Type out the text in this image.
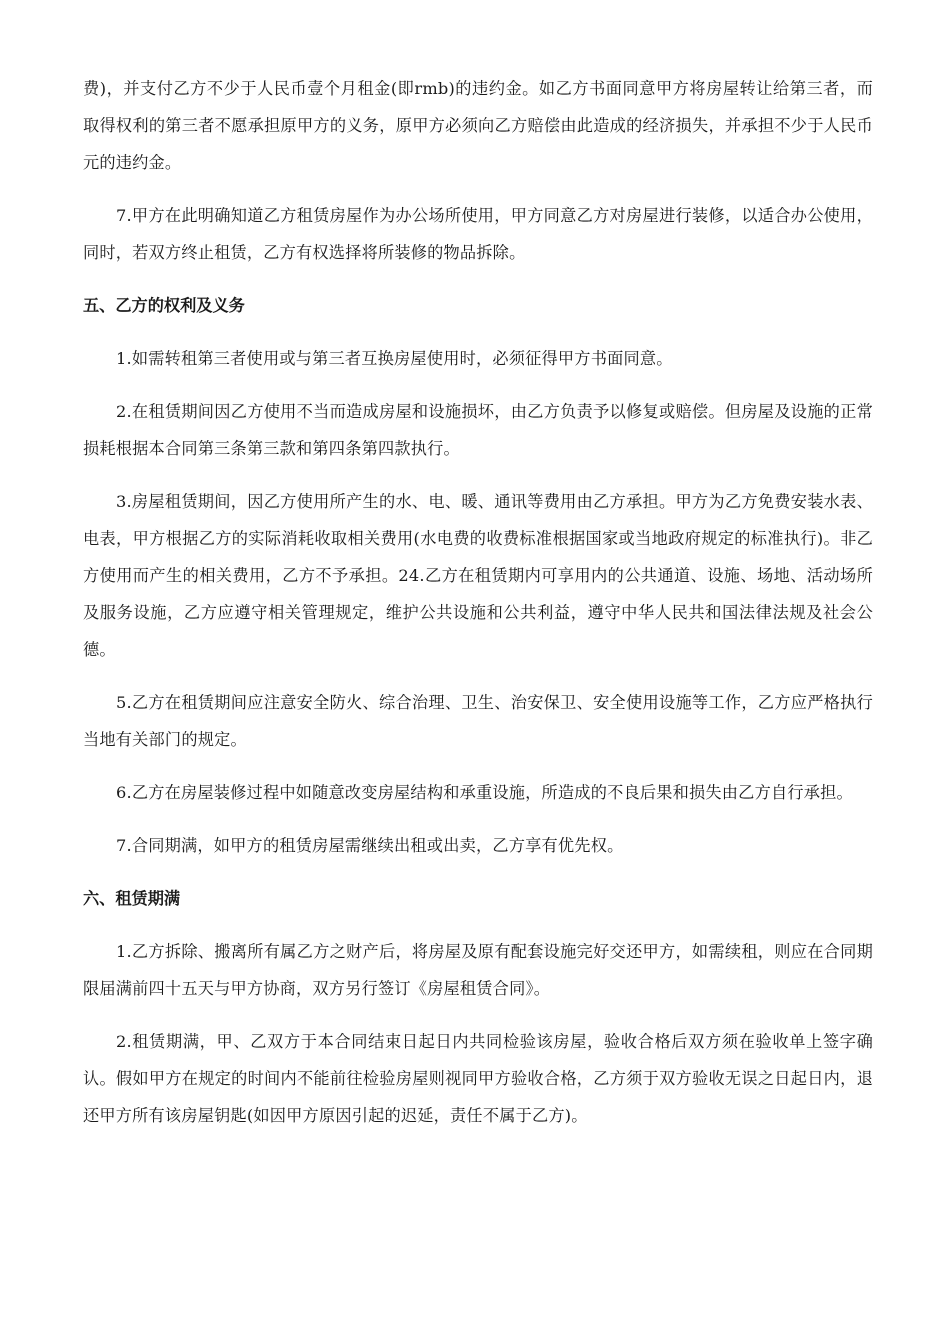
费)，并支付乙方不少于人民币壹个月租金(即rmb)的违约金。如乙方书面同意甲方将房屋转让给第三者，而取得权利的第三者不愿承担原甲方的义务，原甲方必须向乙方赔偿由此造成的经济损失，并承担不少于人民币元的违约金。

7.甲方在此明确知道乙方租赁房屋作为办公场所使用，甲方同意乙方对房屋进行装修，以适合办公使用，同时，若双方终止租赁，乙方有权选择将所装修的物品拆除。

五、乙方的权利及义务

1.如需转租第三者使用或与第三者互换房屋使用时，必须征得甲方书面同意。

2.在租赁期间因乙方使用不当而造成房屋和设施损坏，由乙方负责予以修复或赔偿。但房屋及设施的正常损耗根据本合同第三条第三款和第四条第四款执行。

3.房屋租赁期间，因乙方使用所产生的水、电、暖、通讯等费用由乙方承担。甲方为乙方免费安装水表、电表，甲方根据乙方的实际消耗收取相关费用(水电费的收费标准根据国家或当地政府规定的标准执行)。非乙方使用而产生的相关费用，乙方不予承担。24.乙方在租赁期内可享用内的公共通道、设施、场地、活动场所及服务设施，乙方应遵守相关管理规定，维护公共设施和公共利益，遵守中华人民共和国法律法规及社会公德。

5.乙方在租赁期间应注意安全防火、综合治理、卫生、治安保卫、安全使用设施等工作，乙方应严格执行当地有关部门的规定。

6.乙方在房屋装修过程中如随意改变房屋结构和承重设施，所造成的不良后果和损失由乙方自行承担。

7.合同期满，如甲方的租赁房屋需继续出租或出卖，乙方享有优先权。

六、租赁期满

1.乙方拆除、搬离所有属乙方之财产后，将房屋及原有配套设施完好交还甲方，如需续租，则应在合同期限届满前四十五天与甲方协商，双方另行签订《房屋租赁合同》。

2.租赁期满，甲、乙双方于本合同结束日起日内共同检验该房屋，验收合格后双方须在验收单上签字确认。假如甲方在规定的时间内不能前往检验房屋则视同甲方验收合格，乙方须于双方验收无误之日起日内，退还甲方所有该房屋钥匙(如因甲方原因引起的迟延，责任不属于乙方)。
